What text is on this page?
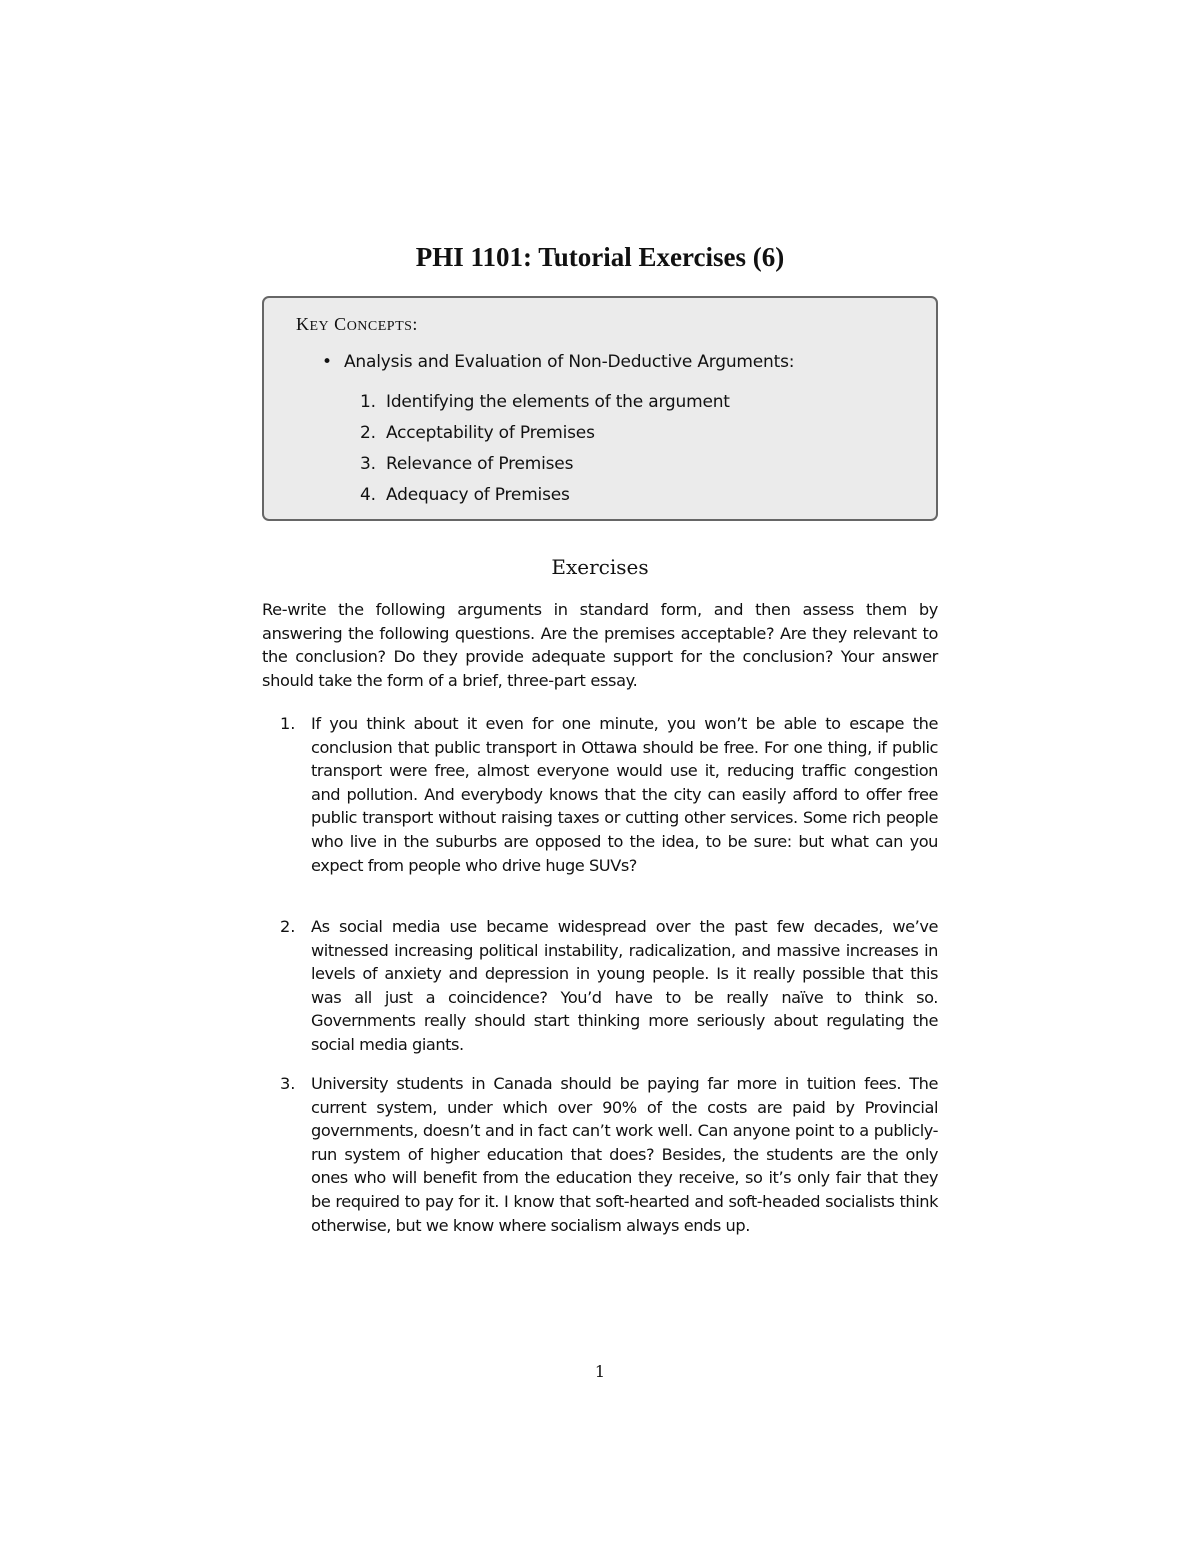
PHI 1101: Tutorial Exercises (6)
KEY CONCEPTS:
• Analysis and Evaluation of Non-Deductive Arguments:
1. Identifying the elements of the argument
2. Acceptability of Premises
3. Relevance of Premises
4. Adequacy of Premises
Exercises

Re-write the following arguments in standard form, and then assess them by answering the following questions. Are the premises acceptable? Are they relevant to the conclusion? Do they provide adequate support for the conclusion? Your answer should take the form of a brief, three-part essay.

1. If you think about it even for one minute, you won’t be able to escape the conclusion that public transport in Ottawa should be free. For one thing, if public transport were free, almost everyone would use it, reducing traffic congestion and pollution. And everybody knows that the city can easily afford to offer free public transport without raising taxes or cutting other services. Some rich people who live in the suburbs are opposed to the idea, to be sure: but what can you expect from people who drive huge SUVs?

2. As social media use became widespread over the past few decades, we’ve witnessed increasing political instability, radicalization, and massive increases in levels of anxiety and depression in young people. Is it really possible that this was all just a coincidence? You’d have to be really naïve to think so. Governments really should start thinking more seriously about regulating the social media giants.

3. University students in Canada should be paying far more in tuition fees. The current system, under which over 90% of the costs are paid by Provincial governments, doesn’t and in fact can’t work well. Can anyone point to a publicly-run system of higher education that does? Besides, the students are the only ones who will benefit from the education they receive, so it’s only fair that they be required to pay for it. I know that soft-hearted and soft-headed socialists think otherwise, but we know where socialism always ends up.

1
